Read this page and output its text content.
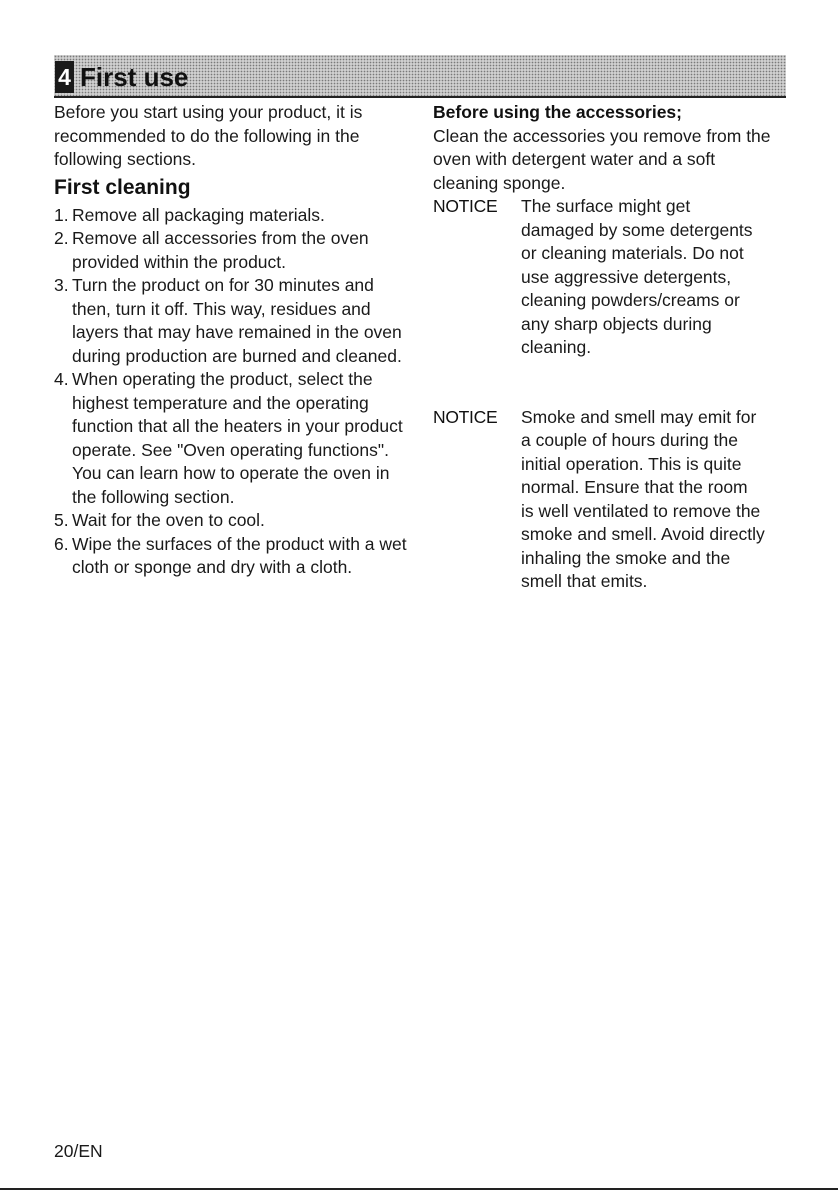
4 First use

Before you start using your product, it is recommended to do the following in the following sections.

First cleaning
1. Remove all packaging materials.
2. Remove all accessories from the oven provided within the product.
3. Turn the product on for 30 minutes and then, turn it off. This way, residues and layers that may have remained in the oven during production are burned and cleaned.
4. When operating the product, select the highest temperature and the operating function that all the heaters in your product operate. See "Oven operating functions". You can learn how to operate the oven in the following section.
5. Wait for the oven to cool.
6. Wipe the surfaces of the product with a wet cloth or sponge and dry with a cloth.
Before using the accessories;

Clean the accessories you remove from the oven with detergent water and a soft cleaning sponge.

NOTICE	The surface might get damaged by some detergents or cleaning materials. Do not use aggressive detergents, cleaning powders/creams or any sharp objects during cleaning.
NOTICE	Smoke and smell may emit for a couple of hours during the initial operation. This is quite normal. Ensure that the room is well ventilated to remove the smoke and smell. Avoid directly inhaling the smoke and the smell that emits.
20/EN
